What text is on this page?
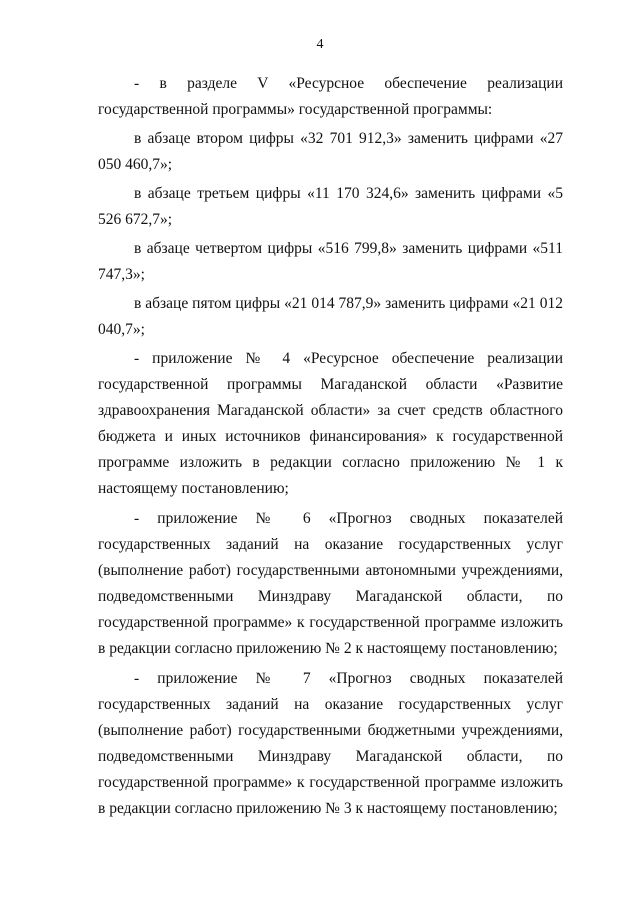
4

- в разделе V «Ресурсное обеспечение реализации государственной программы» государственной программы:

в абзаце втором цифры «32 701 912,3» заменить цифрами «27 050 460,7»;

в абзаце третьем цифры «11 170 324,6» заменить цифрами «5 526 672,7»;

в абзаце четвертом цифры «516 799,8» заменить цифрами «511 747,3»;

в абзаце пятом цифры «21 014 787,9» заменить цифрами «21 012 040,7»;

- приложение № 4 «Ресурсное обеспечение реализации государственной программы Магаданской области «Развитие здравоохранения Магаданской области» за счет средств областного бюджета и иных источников финансирования» к государственной программе изложить в редакции согласно приложению № 1 к настоящему постановлению;

- приложение № 6 «Прогноз сводных показателей государственных заданий на оказание государственных услуг (выполнение работ) государственными автономными учреждениями, подведомственными Минздраву Магаданской области, по государственной программе» к государственной программе изложить в редакции согласно приложению № 2 к настоящему постановлению;

- приложение № 7 «Прогноз сводных показателей государственных заданий на оказание государственных услуг (выполнение работ) государственными бюджетными учреждениями, подведомственными Минздраву Магаданской области, по государственной программе» к государственной программе изложить в редакции согласно приложению № 3 к настоящему постановлению;
